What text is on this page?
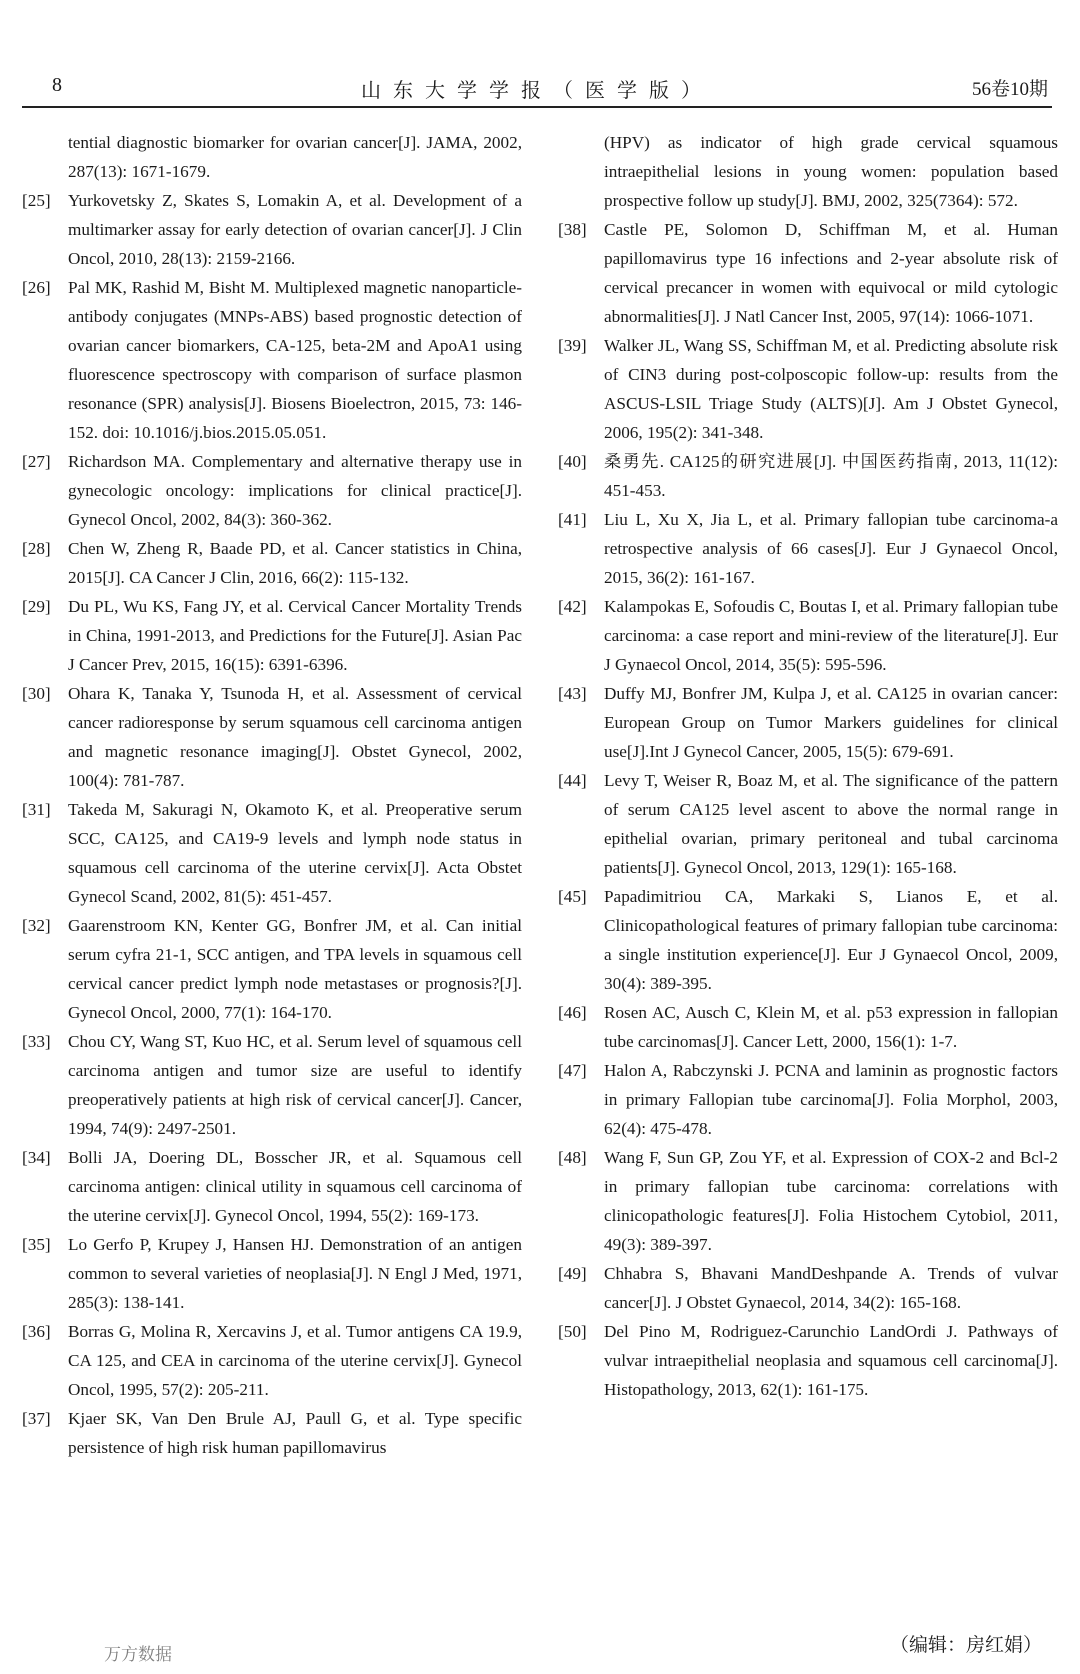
8	山东大学学报（医学版）	56卷10期

tential diagnostic biomarker for ovarian cancer[J]. JAMA, 2002, 287(13): 1671-1679.

[25]	Yurkovetsky Z, Skates S, Lomakin A, et al. Development of a multimarker assay for early detection of ovarian cancer[J]. J Clin Oncol, 2010, 28(13): 2159-2166.

[26]	Pal MK, Rashid M, Bisht M. Multiplexed magnetic nanoparticle-antibody conjugates (MNPs-ABS) based prognostic detection of ovarian cancer biomarkers, CA-125, beta-2M and ApoA1 using fluorescence spectroscopy with comparison of surface plasmon resonance (SPR) analysis[J]. Biosens Bioelectron, 2015, 73: 146-152. doi: 10.1016/j.bios.2015.05.051.

[27]	Richardson MA. Complementary and alternative therapy use in gynecologic oncology: implications for clinical practice[J]. Gynecol Oncol, 2002, 84(3): 360-362.

[28]	Chen W, Zheng R, Baade PD, et al. Cancer statistics in China, 2015[J]. CA Cancer J Clin, 2016, 66(2): 115-132.

[29]	Du PL, Wu KS, Fang JY, et al. Cervical Cancer Mortality Trends in China, 1991-2013, and Predictions for the Future[J]. Asian Pac J Cancer Prev, 2015, 16(15): 6391-6396.

[30]	Ohara K, Tanaka Y, Tsunoda H, et al. Assessment of cervical cancer radioresponse by serum squamous cell carcinoma antigen and magnetic resonance imaging[J]. Obstet Gynecol, 2002, 100(4): 781-787.

[31]	Takeda M, Sakuragi N, Okamoto K, et al. Preoperative serum SCC, CA125, and CA19-9 levels and lymph node status in squamous cell carcinoma of the uterine cervix[J]. Acta Obstet Gynecol Scand, 2002, 81(5): 451-457.

[32]	Gaarenstroom KN, Kenter GG, Bonfrer JM, et al. Can initial serum cyfra 21-1, SCC antigen, and TPA levels in squamous cell cervical cancer predict lymph node metastases or prognosis?[J]. Gynecol Oncol, 2000, 77(1): 164-170.

[33]	Chou CY, Wang ST, Kuo HC, et al. Serum level of squamous cell carcinoma antigen and tumor size are useful to identify preoperatively patients at high risk of cervical cancer[J]. Cancer, 1994, 74(9): 2497-2501.

[34]	Bolli JA, Doering DL, Bosscher JR, et al. Squamous cell carcinoma antigen: clinical utility in squamous cell carcinoma of the uterine cervix[J]. Gynecol Oncol, 1994, 55(2): 169-173.

[35]	Lo Gerfo P, Krupey J, Hansen HJ. Demonstration of an antigen common to several varieties of neoplasia[J]. N Engl J Med, 1971, 285(3): 138-141.

[36]	Borras G, Molina R, Xercavins J, et al. Tumor antigens CA 19.9, CA 125, and CEA in carcinoma of the uterine cervix[J]. Gynecol Oncol, 1995, 57(2): 205-211.

[37]	Kjaer SK, Van Den Brule AJ, Paull G, et al. Type specific persistence of high risk human papillomavirus

(HPV) as indicator of high grade cervical squamous intraepithelial lesions in young women: population based prospective follow up study[J]. BMJ, 2002, 325(7364): 572.

[38]	Castle PE, Solomon D, Schiffman M, et al. Human papillomavirus type 16 infections and 2-year absolute risk of cervical precancer in women with equivocal or mild cytologic abnormalities[J]. J Natl Cancer Inst, 2005, 97(14): 1066-1071.

[39]	Walker JL, Wang SS, Schiffman M, et al. Predicting absolute risk of CIN3 during post-colposcopic follow-up: results from the ASCUS-LSIL Triage Study (ALTS)[J]. Am J Obstet Gynecol, 2006, 195(2): 341-348.

[40]	桑勇先. CA125的研究进展[J]. 中国医药指南, 2013, 11(12): 451-453.

[41]	Liu L, Xu X, Jia L, et al. Primary fallopian tube carcinoma-a retrospective analysis of 66 cases[J]. Eur J Gynaecol Oncol, 2015, 36(2): 161-167.

[42]	Kalampokas E, Sofoudis C, Boutas I, et al. Primary fallopian tube carcinoma: a case report and mini-review of the literature[J]. Eur J Gynaecol Oncol, 2014, 35(5): 595-596.

[43]	Duffy MJ, Bonfrer JM, Kulpa J, et al. CA125 in ovarian cancer: European Group on Tumor Markers guidelines for clinical use[J].Int J Gynecol Cancer, 2005, 15(5): 679-691.

[44]	Levy T, Weiser R, Boaz M, et al. The significance of the pattern of serum CA125 level ascent to above the normal range in epithelial ovarian, primary peritoneal and tubal carcinoma patients[J]. Gynecol Oncol, 2013, 129(1): 165-168.

[45]	Papadimitriou CA, Markaki S, Lianos E, et al. Clinicopathological features of primary fallopian tube carcinoma: a single institution experience[J]. Eur J Gynaecol Oncol, 2009, 30(4): 389-395.

[46]	Rosen AC, Ausch C, Klein M, et al. p53 expression in fallopian tube carcinomas[J]. Cancer Lett, 2000, 156(1): 1-7.

[47]	Halon A, Rabczynski J. PCNA and laminin as prognostic factors in primary Fallopian tube carcinoma[J]. Folia Morphol, 2003, 62(4): 475-478.

[48]	Wang F, Sun GP, Zou YF, et al. Expression of COX-2 and Bcl-2 in primary fallopian tube carcinoma: correlations with clinicopathologic features[J]. Folia Histochem Cytobiol, 2011, 49(3): 389-397.

[49]	Chhabra S, Bhavani MandDeshpande A. Trends of vulvar cancer[J]. J Obstet Gynaecol, 2014, 34(2): 165-168.

[50]	Del Pino M, Rodriguez-Carunchio LandOrdi J. Pathways of vulvar intraepithelial neoplasia and squamous cell carcinoma[J]. Histopathology, 2013, 62(1): 161-175.

（编辑：房红娟）
万方数据
